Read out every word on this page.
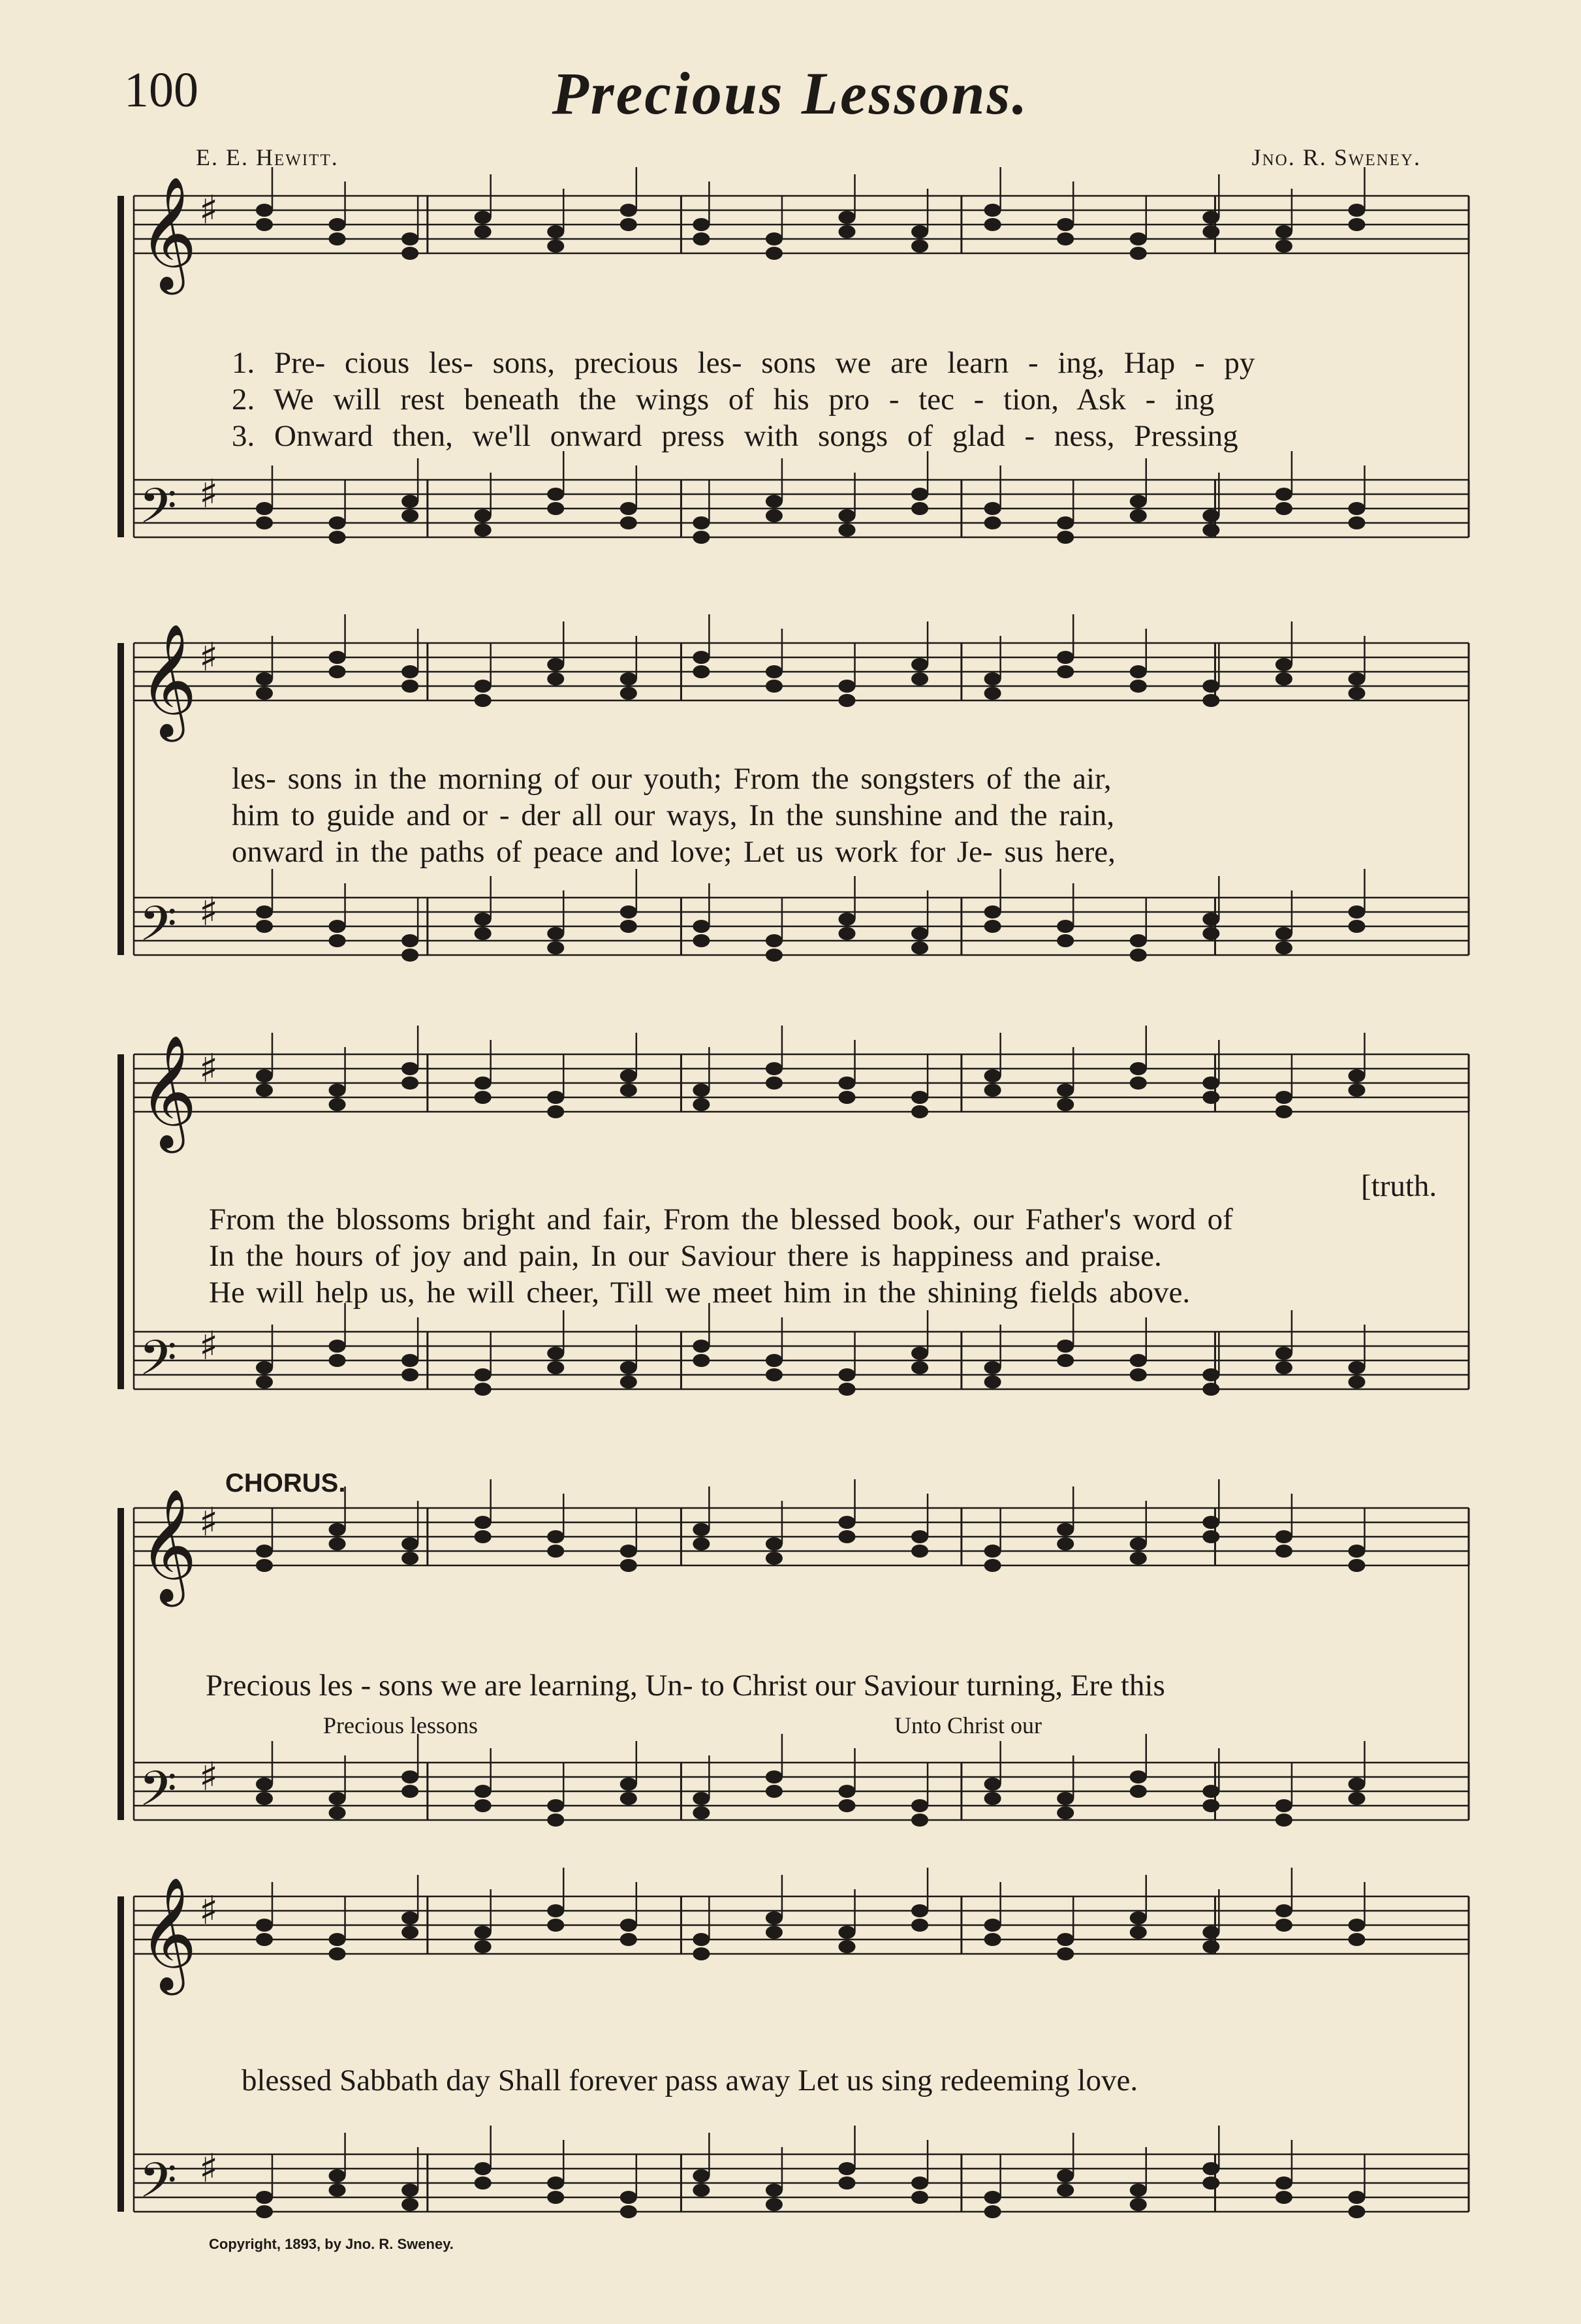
100	Precious Lessons.
E. E. Hewitt.	Jno. R. Sweney.
𝄞 ♯
𝄢 ♯
𝄞 ♯
𝄢 ♯
𝄞 ♯
𝄢 ♯
𝄞 ♯
𝄢 ♯
𝄞 ♯
𝄢 ♯
1. Pre- cious les- sons, precious les- sons we are learn - ing, Hap - py
2. We will rest beneath the wings of his pro - tec - tion, Ask - ing
3. Onward then, we'll onward press with songs of glad - ness, Pressing
les- sons in the morning of our youth; From the songsters of the air,
him to guide and or - der all our ways, In the sunshine and the rain,
onward in the paths of peace and love; Let us work for Je- sus here,
[truth.
From the blossoms bright and fair, From the blessed book, our Father's word of
In the hours of joy and pain, In our Saviour there is happiness and praise.
He will help us, he will cheer, Till we meet him in the shining fields above.
CHORUS.
Precious les - sons we are learning, Un- to Christ our Saviour turning, Ere this
Precious lessons	Unto Christ our
blessed Sabbath day Shall forever pass away Let us sing redeeming love.
Copyright, 1893, by Jno. R. Sweney.
